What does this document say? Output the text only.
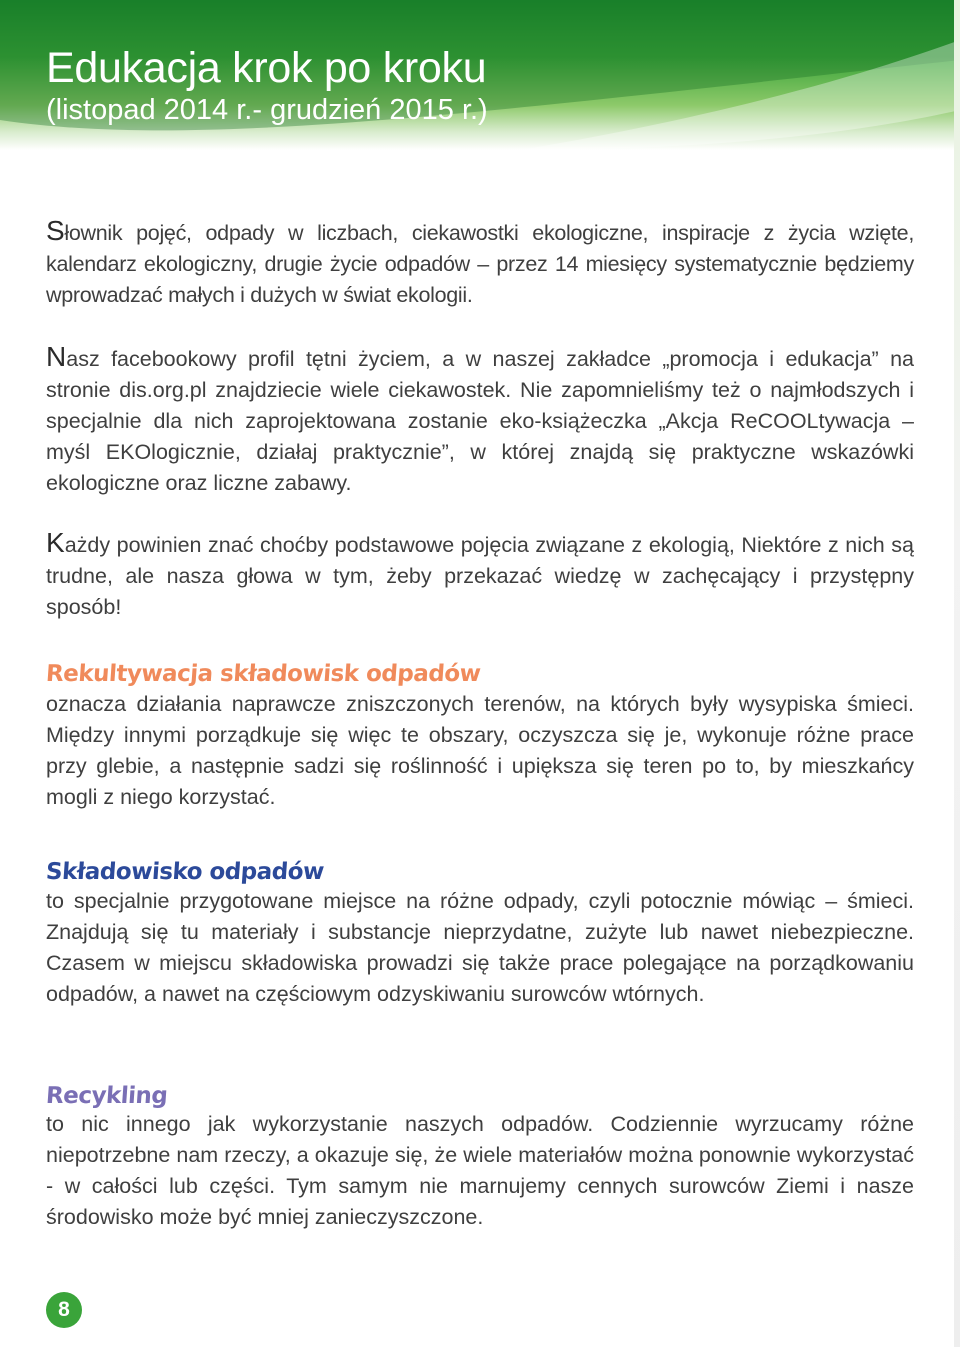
Edukacja krok po kroku
(listopad 2014 r.- grudzień 2015 r.)

Słownik pojęć, odpady w liczbach, ciekawostki ekologiczne, inspiracje z życia wzięte, kalendarz ekologiczny, drugie życie odpadów – przez 14 miesięcy systematycznie będziemy wprowadzać małych i dużych w świat ekologii.

Nasz facebookowy profil tętni życiem, a w naszej zakładce „promocja i edukacja” na stronie dis.org.pl znajdziecie wiele ciekawostek. Nie zapomnieliśmy też o najmłodszych i specjalnie dla nich zaprojektowana zostanie eko-książeczka „Akcja ReCOOLtywacja – myśl EKOlogicznie, działaj praktycznie”, w której znajdą się praktyczne wskazówki ekologiczne oraz liczne zabawy.

Każdy powinien znać choćby podstawowe pojęcia związane z ekologią, Niektóre z nich są trudne, ale nasza głowa w tym, żeby przekazać wiedzę w zachęcający i przystępny sposób!

Rekultywacja składowisk odpadów

oznacza działania naprawcze zniszczonych terenów, na których były wysypiska śmieci. Między innymi porządkuje się więc te obszary, oczyszcza się je, wykonuje różne prace przy glebie, a następnie sadzi się roślinność i upiększa się teren po to, by mieszkańcy mogli z niego korzystać.

Składowisko odpadów

to specjalnie przygotowane miejsce na różne odpady, czyli potocznie mówiąc – śmieci. Znajdują się tu materiały i substancje nieprzydatne, zużyte lub nawet niebezpieczne. Czasem w miejscu składowiska prowadzi się także prace polegające na porządkowaniu odpadów, a nawet na częściowym odzyskiwaniu surowców wtórnych.

Recykling

to nic innego jak wykorzystanie naszych odpadów. Codziennie wyrzucamy różne niepotrzebne nam rzeczy, a okazuje się, że wiele materiałów można ponownie wykorzystać - w całości lub części. Tym samym nie marnujemy cennych surowców Ziemi i nasze środowisko może być mniej zanieczyszczone.

8
